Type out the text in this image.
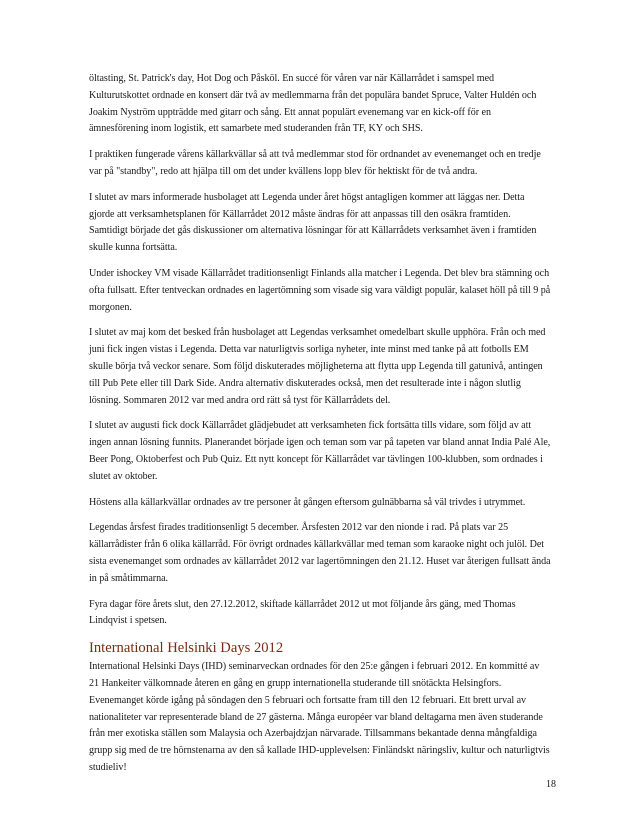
öltasting, St. Patrick's day, Hot Dog och Påsköl. En succé för våren var när Källarrådet i samspel med Kulturutskottet ordnade en konsert där två av medlemmarna från det populära bandet Spruce, Valter Huldén och Joakim Nyström uppträdde med gitarr och sång. Ett annat populärt evenemang var en kick-off för en ämnesförening inom logistik, ett samarbete med studeranden från TF, KY och SHS.

I praktiken fungerade vårens källarkvällar så att två medlemmar stod för ordnandet av evenemanget och en tredje var på "standby", redo att hjälpa till om det under kvällens lopp blev för hektiskt för de två andra.

I slutet av mars informerade husbolaget att Legenda under året högst antagligen kommer att läggas ner. Detta gjorde att verksamhetsplanen för Källarrådet 2012 måste ändras för att anpassas till den osäkra framtiden. Samtidigt började det gås diskussioner om alternativa lösningar för att Källarrådets verksamhet även i framtiden skulle kunna fortsätta.

Under ishockey VM visade Källarrådet traditionsenligt Finlands alla matcher i Legenda. Det blev bra stämning och ofta fullsatt. Efter tentveckan ordnades en lagertömning som visade sig vara väldigt populär, kalaset höll på till 9 på morgonen.

I slutet av maj kom det besked från husbolaget att Legendas verksamhet omedelbart skulle upphöra. Från och med juni fick ingen vistas i Legenda. Detta var naturligtvis sorliga nyheter, inte minst med tanke på att fotbolls EM skulle börja två veckor senare. Som följd diskuterades möjligheterna att flytta upp Legenda till gatunivå, antingen till Pub Pete eller till Dark Side. Andra alternativ diskuterades också, men det resulterade inte i någon slutlig lösning. Sommaren 2012 var med andra ord rätt så tyst för Källarrådets del.

I slutet av augusti fick dock Källarrådet glädjebudet att verksamheten fick fortsätta tills vidare, som följd av att ingen annan lösning funnits. Planerandet började igen och teman som var på tapeten var bland annat India Palé Ale, Beer Pong, Oktoberfest och Pub Quiz. Ett nytt koncept för Källarrådet var tävlingen 100-klubben, som ordnades i slutet av oktober.

Höstens alla källarkvällar ordnades av tre personer åt gången eftersom gulnäbbarna så väl trivdes i utrymmet.

Legendas årsfest firades traditionsenligt 5 december. Årsfesten 2012 var den nionde i rad. På plats var 25 källarrådister från 6 olika källarråd. För övrigt ordnades källarkvällar med teman som karaoke night och julöl. Det sista evenemanget som ordnades av källarrådet 2012 var lagertömningen den 21.12. Huset var återigen fullsatt ända in på småtimmarna.

Fyra dagar före årets slut, den 27.12.2012, skiftade källarrådet 2012 ut mot följande års gäng, med Thomas Lindqvist i spetsen.

International Helsinki Days 2012

International Helsinki Days (IHD) seminarveckan ordnades för den 25:e gången i februari 2012. En kommitté av 21 Hankeiter välkomnade återen en gång en grupp internationella studerande till snötäckta Helsingfors. Evenemanget körde igång på söndagen den 5 februari och fortsatte fram till den 12 februari. Ett brett urval av nationaliteter var representerade bland de 27 gästerna. Många européer var bland deltagarna men även studerande från mer exotiska ställen som Malaysia och Azerbajdzjan närvarade. Tillsammans bekantade denna mångfaldiga grupp sig med de tre hörnstenarna av den så kallade IHD-upplevelsen: Finländskt näringsliv, kultur och naturligtvis studieliv!

18
